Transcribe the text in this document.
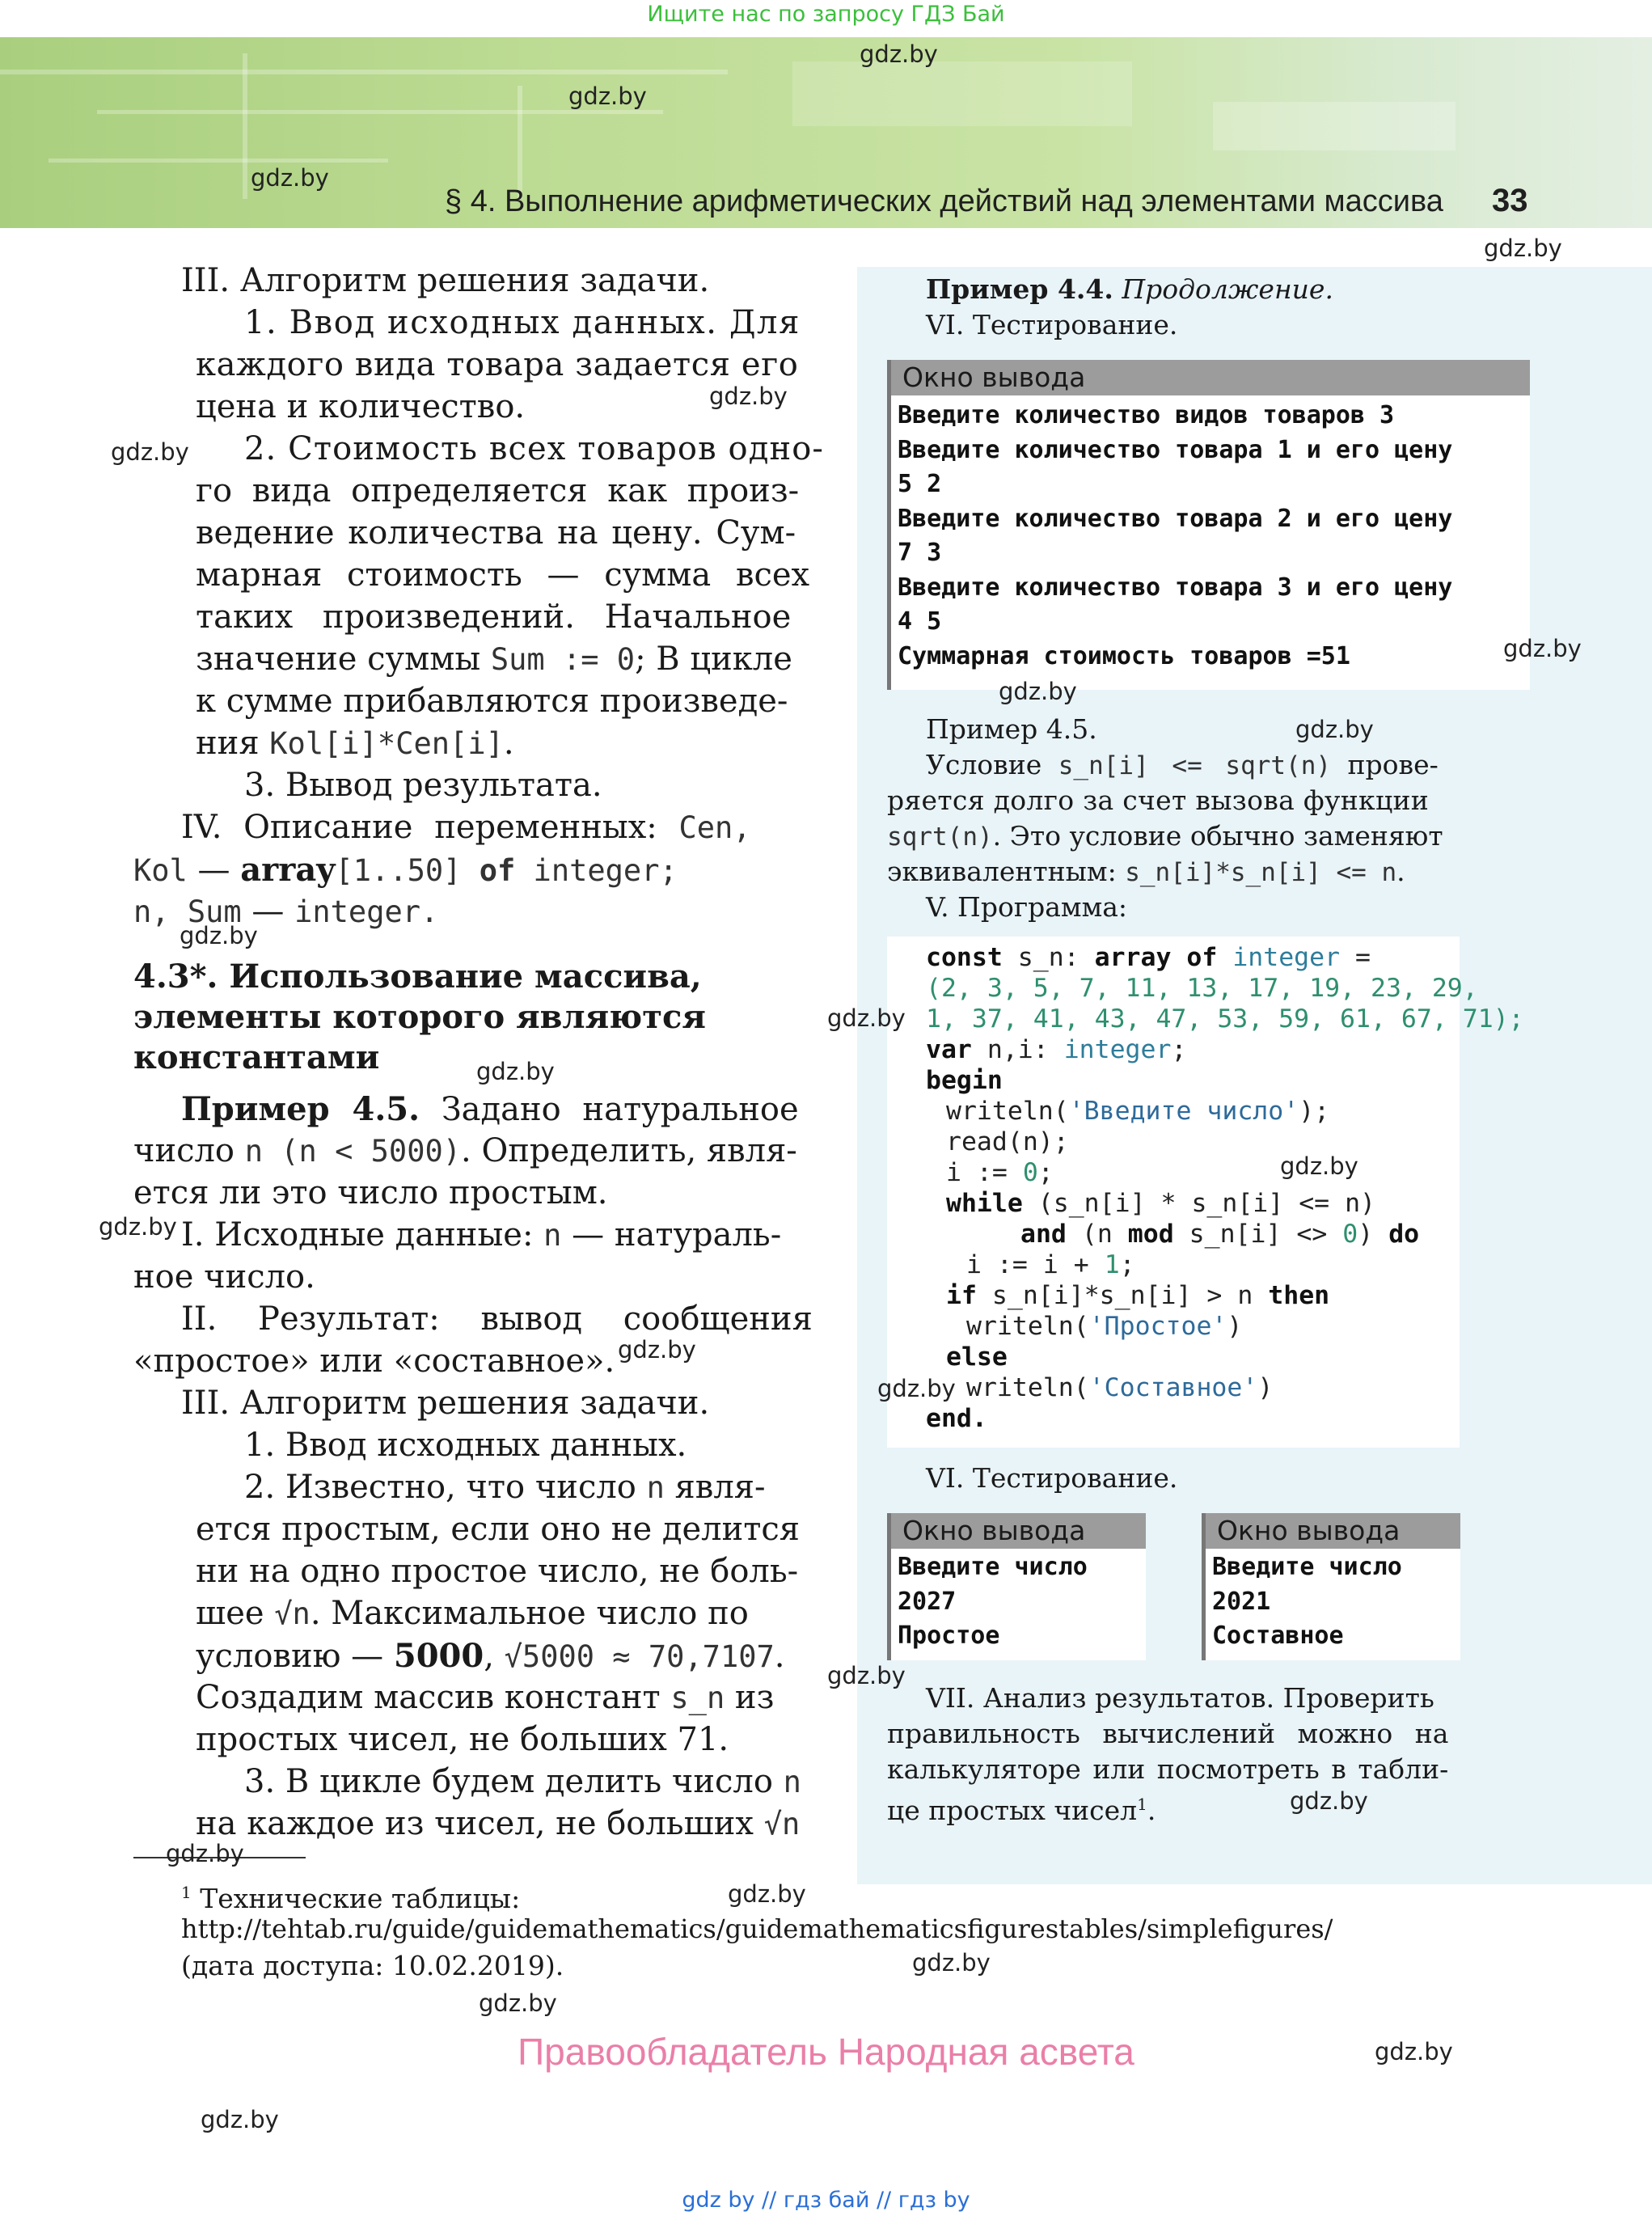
Ищите нас по запросу ГДЗ Бай
gdz.by
gdz.by
gdz.by
§ 4. Выполнение арифметических действий над элементами массива 33
gdz.by
III. Алгоритм решения задачи.
1. Ввод исходных данных. Для
каждого вида товара задается его
цена и количество.
2. Стоимость всех товаров одно-
го вида определяется как произ-
ведение количества на цену. Сум-
марная стоимость — сумма всех
таких произведений. Начальное
значение суммы Sum := 0; В цикле
к сумме прибавляются произведе-
ния Kol[i]*Cen[i].
3. Вывод результата.
IV. Описание переменных: Cen,
Kol — array[1..50] of integer;
n, Sum — integer.
4.3*. Использование массива,
элементы которого являются
константами
Пример 4.5. Задано натуральное
число n (n < 5000). Определить, явля-
ется ли это число простым.
I. Исходные данные: n — натураль-
ное число.
II. Результат: вывод сообщения
«простое» или «составное».
III. Алгоритм решения задачи.
1. Ввод исходных данных.
2. Известно, что число n явля-
ется простым, если оно не делится
ни на одно простое число, не боль-
шее √n. Максимальное число по
условию — 5000, √5000 ≈ 70,7107.
Создадим массив констант s_n из
простых чисел, не больших 71.
3. В цикле будем делить число n
на каждое из чисел, не больших √n
gdz.by
gdz.by
gdz.by
gdz.by
gdz.by
gdz.by
Пример 4.4. Продолжение.
VI. Тестирование.
Окно вывода
Введите количество видов товаров 3
Введите количество товара 1 и его цену
5 2
Введите количество товара 2 и его цену
7 3
Введите количество товара 3 и его цену
4 5
Суммарная стоимость товаров =51	gdz.by
gdz.by
Пример 4.5.	gdz.by
Условие s_n[i] <= sqrt(n) прове-
ряется долго за счет вызова функции
sqrt(n). Это условие обычно заменяют
эквивалентным: s_n[i]*s_n[i] <= n.
V. Программа:
const s_n: array of integer =
(2, 3, 5, 7, 11, 13, 17, 19, 23, 29,
1, 37, 41, 43, 47, 53, 59, 61, 67, 71);
var n,i: integer;
begin
writeln('Введите число');
read(n);
i := 0;
while (s_n[i] * s_n[i] <= n)
and (n mod s_n[i] <> 0) do
i := i + 1;
if s_n[i]*s_n[i] > n then
writeln('Простое')
else
writeln('Составное')
end.
gdz.by
gdz.by
gdz.by
VI. Тестирование.
Окно вывода
Введите число
2027
Простое
Окно вывода
Введите число
2021
Составное
gdz.by
VII. Анализ результатов. Проверить
правильность вычислений можно на
калькуляторе или посмотреть в табли-
це простых чисел$^1$.	gdz.by
gdz.by
$^1$ Технические таблицы:	gdz.by
http://tehtab.ru/guide/guidemathematics/guidemathematicsfigurestables/simplefigures/
(дата доступа: 10.02.2019).	gdz.by
gdz.by
Правообладатель Народная асвета	gdz.by
gdz.by
gdz by // гдз бай // гдз by
